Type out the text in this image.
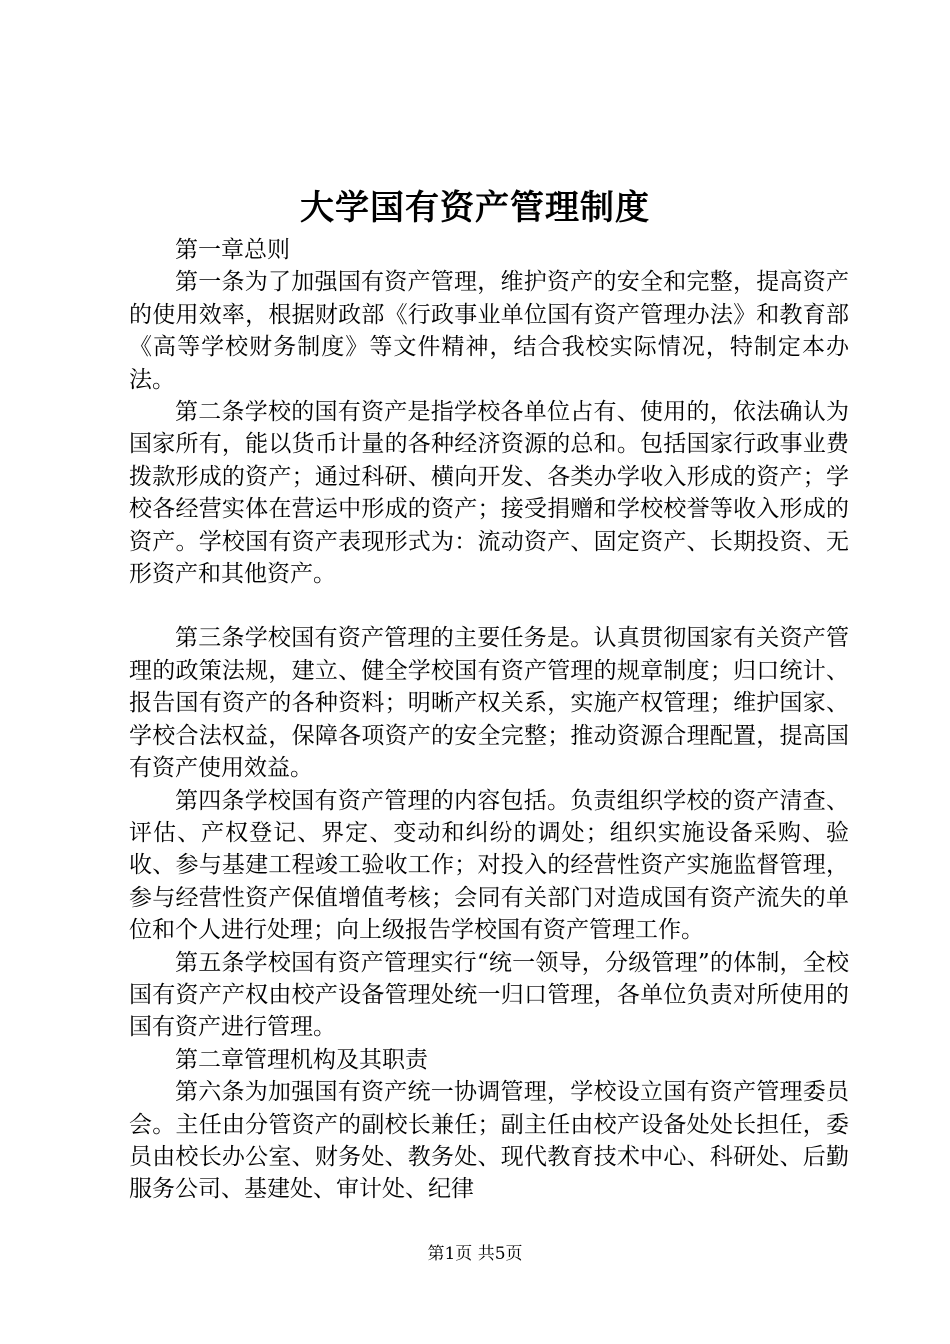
大学国有资产管理制度

第一章总则

第一条为了加强国有资产管理，维护资产的安全和完整，提高资产的使用效率，根据财政部《行政事业单位国有资产管理办法》和教育部《高等学校财务制度》等文件精神，结合我校实际情况，特制定本办法。

第二条学校的国有资产是指学校各单位占有、使用的，依法确认为国家所有，能以货币计量的各种经济资源的总和。包括国家行政事业费拨款形成的资产；通过科研、横向开发、各类办学收入形成的资产；学校各经营实体在营运中形成的资产；接受捐赠和学校校誉等收入形成的资产。学校国有资产表现形式为：流动资产、固定资产、长期投资、无形资产和其他资产。

第三条学校国有资产管理的主要任务是。认真贯彻国家有关资产管理的政策法规，建立、健全学校国有资产管理的规章制度；归口统计、报告国有资产的各种资料；明晰产权关系，实施产权管理；维护国家、学校合法权益，保障各项资产的安全完整；推动资源合理配置，提高国有资产使用效益。

第四条学校国有资产管理的内容包括。负责组织学校的资产清查、评估、产权登记、界定、变动和纠纷的调处；组织实施设备采购、验收、参与基建工程竣工验收工作；对投入的经营性资产实施监督管理，参与经营性资产保值增值考核；会同有关部门对造成国有资产流失的单位和个人进行处理；向上级报告学校国有资产管理工作。

第五条学校国有资产管理实行“统一领导，分级管理”的体制，全校国有资产产权由校产设备管理处统一归口管理，各单位负责对所使用的国有资产进行管理。

第二章管理机构及其职责

第六条为加强国有资产统一协调管理，学校设立国有资产管理委员会。主任由分管资产的副校长兼任；副主任由校产设备处处长担任，委员由校长办公室、财务处、教务处、现代教育技术中心、科研处、后勤服务公司、基建处、审计处、纪律

第1页 共5页
